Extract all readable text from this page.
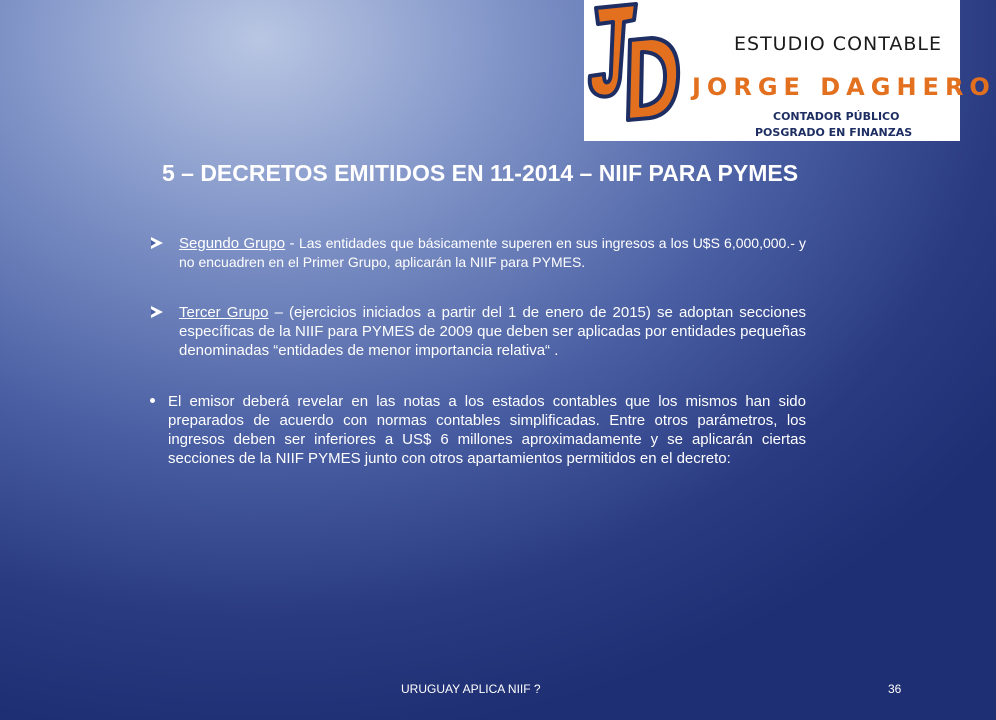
ESTUDIO CONTABLE
JORGE DAGHERO
CONTADOR PÚBLICO
POSGRADO EN FINANZAS
5 – DECRETOS EMITIDOS EN 11-2014 – NIIF PARA PYMES
Segundo Grupo - Las entidades que básicamente superen en sus ingresos a los U$S 6,000,000.- y no encuadren en el Primer Grupo, aplicarán la NIIF para PYMES.
Tercer Grupo – (ejercicios iniciados a partir del 1 de enero de 2015) se adoptan secciones específicas de la NIIF para PYMES de 2009 que deben ser aplicadas por entidades pequeñas denominadas “entidades de menor importancia relativa“ .
El emisor deberá revelar en las notas a los estados contables que los mismos han sido preparados de acuerdo con normas contables simplificadas. Entre otros parámetros, los ingresos deben ser inferiores a US$ 6 millones aproximadamente y se aplicarán ciertas secciones de la NIIF PYMES junto con otros apartamientos permitidos en el decreto:
URUGUAY APLICA NIIF ?	36
